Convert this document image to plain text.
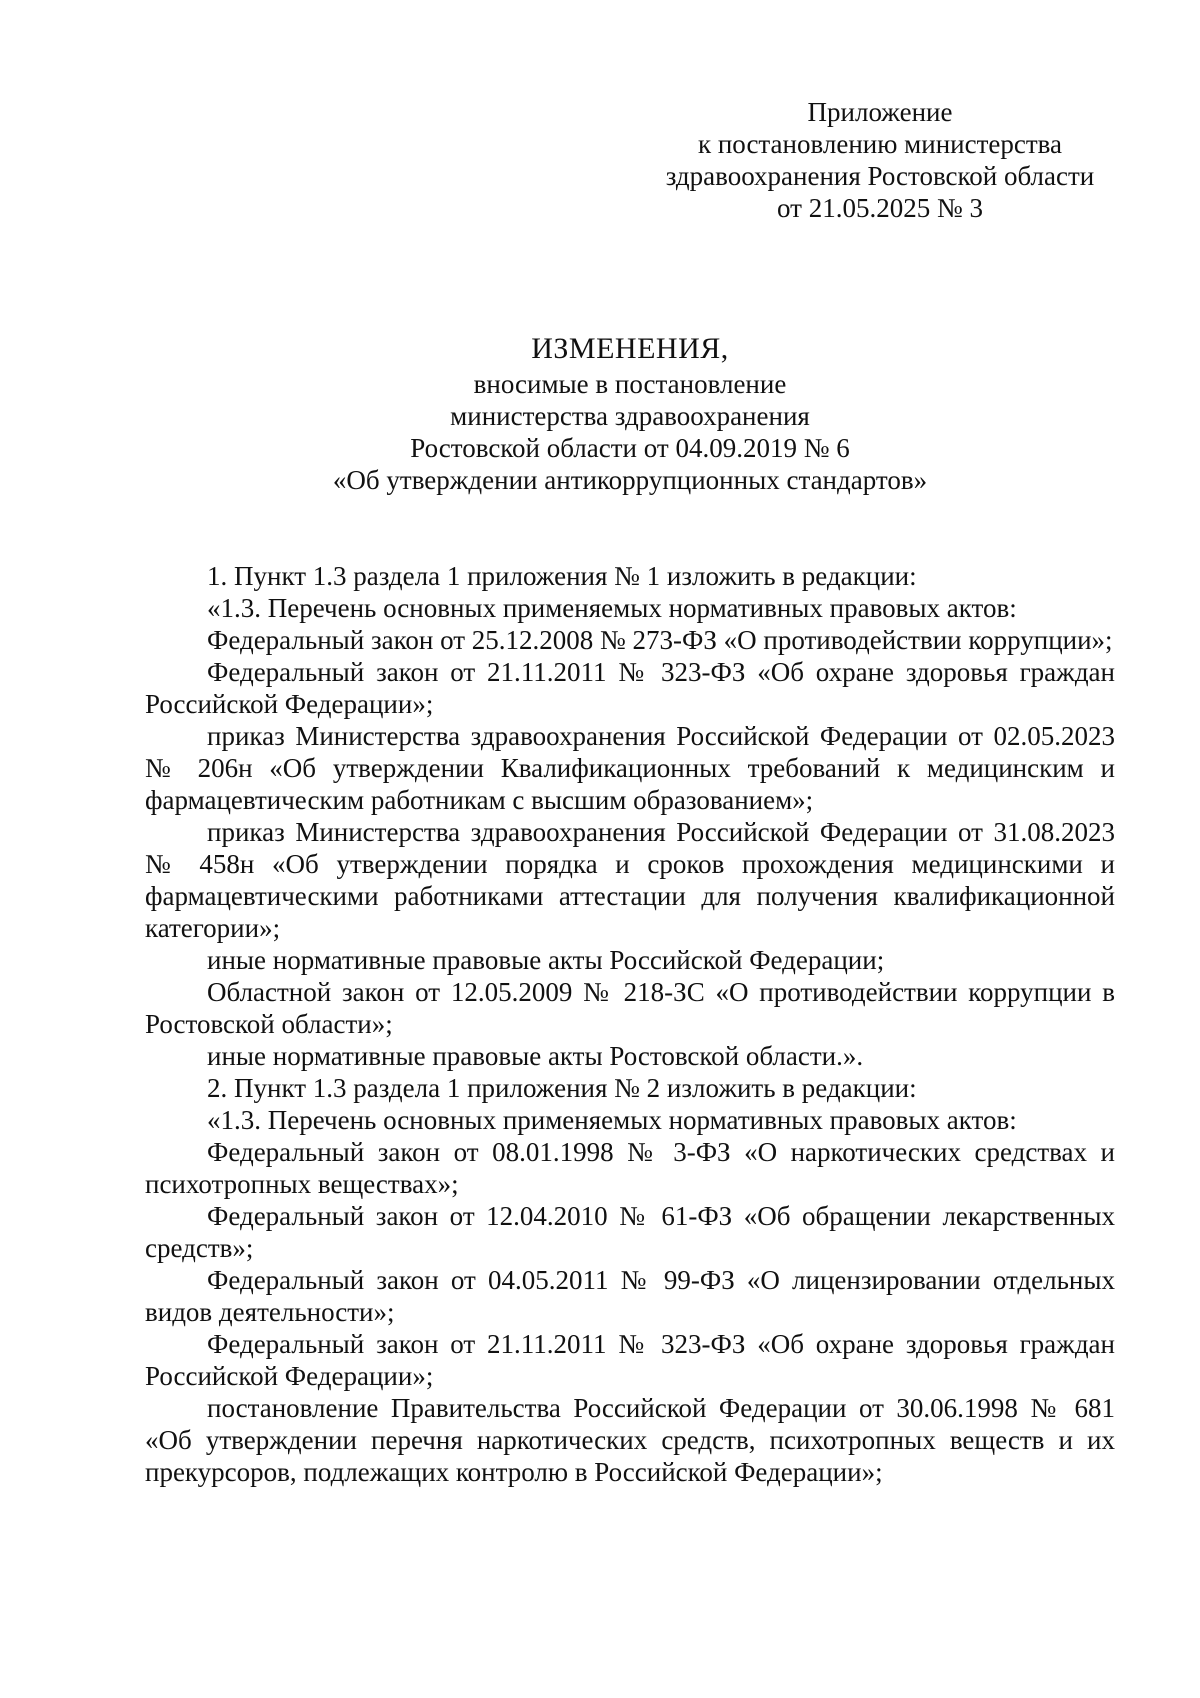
Приложение
к постановлению министерства
здравоохранения Ростовской области
от 21.05.2025 № 3
ИЗМЕНЕНИЯ,
вносимые в постановление
министерства здравоохранения
Ростовской области от 04.09.2019 № 6
«Об утверждении антикоррупционных стандартов»

1. Пункт 1.3 раздела 1 приложения № 1 изложить в редакции:

«1.3. Перечень основных применяемых нормативных правовых актов:

Федеральный закон от 25.12.2008 № 273-ФЗ «О противодействии коррупции»;

Федеральный закон от 21.11.2011 № 323-ФЗ «Об охране здоровья граждан Российской Федерации»;

приказ Министерства здравоохранения Российской Федерации от 02.05.2023 № 206н «Об утверждении Квалификационных требований к медицинским и фармацевтическим работникам с высшим образованием»;

приказ Министерства здравоохранения Российской Федерации от 31.08.2023 № 458н «Об утверждении порядка и сроков прохождения медицинскими и фармацевтическими работниками аттестации для получения квалификационной категории»;

иные нормативные правовые акты Российской Федерации;

Областной закон от 12.05.2009 № 218-ЗС «О противодействии коррупции в Ростовской области»;

иные нормативные правовые акты Ростовской области.».

2. Пункт 1.3 раздела 1 приложения № 2 изложить в редакции:

«1.3. Перечень основных применяемых нормативных правовых актов:

Федеральный закон от 08.01.1998 № 3-ФЗ «О наркотических средствах и психотропных веществах»;

Федеральный закон от 12.04.2010 № 61-ФЗ «Об обращении лекарственных средств»;

Федеральный закон от 04.05.2011 № 99-ФЗ «О лицензировании отдельных видов деятельности»;

Федеральный закон от 21.11.2011 № 323-ФЗ «Об охране здоровья граждан Российской Федерации»;

постановление Правительства Российской Федерации от 30.06.1998 № 681 «Об утверждении перечня наркотических средств, психотропных веществ и их прекурсоров, подлежащих контролю в Российской Федерации»;
